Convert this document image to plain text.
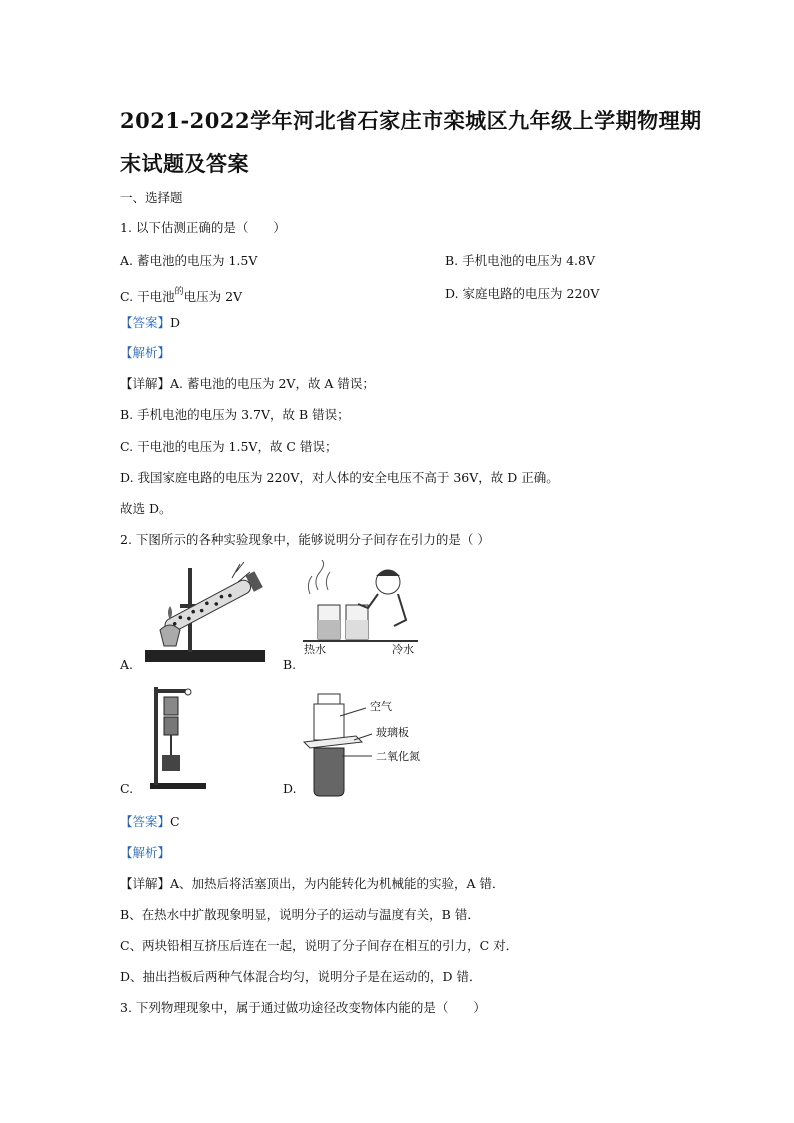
2021-2022学年河北省石家庄市栾城区九年级上学期物理期
末试题及答案
一、选择题
1. 以下估测正确的是（　　）
A. 蓄电池的电压为 1.5V	B. 手机电池的电压为 4.8V
C. 干电池$^的$电压为 2V	D. 家庭电路的电压为 220V
【答案】D
【解析】
【详解】A. 蓄电池的电压为 2V，故 A 错误；
B. 手机电池的电压为 3.7V，故 B 错误；
C. 干电池的电压为 1.5V，故 C 错误；
D. 我国家庭电路的电压为 220V，对人体的安全电压不高于 36V，故 D 正确。
故选 D。
2. 下图所示的各种实验现象中，能够说明分子间存在引力的是（ ）
A.
热水	冷水
B.
C.
空气
玻璃板
二氧化氮
D.
【答案】C
【解析】
【详解】A、加热后将活塞顶出，为内能转化为机械能的实验，A 错．
B、在热水中扩散现象明显，说明分子的运动与温度有关，B 错．
C、两块铅相互挤压后连在一起，说明了分子间存在相互的引力，C 对．
D、抽出挡板后两种气体混合均匀，说明分子是在运动的，D 错．
3. 下列物理现象中，属于通过做功途径改变物体内能的是（　　）
